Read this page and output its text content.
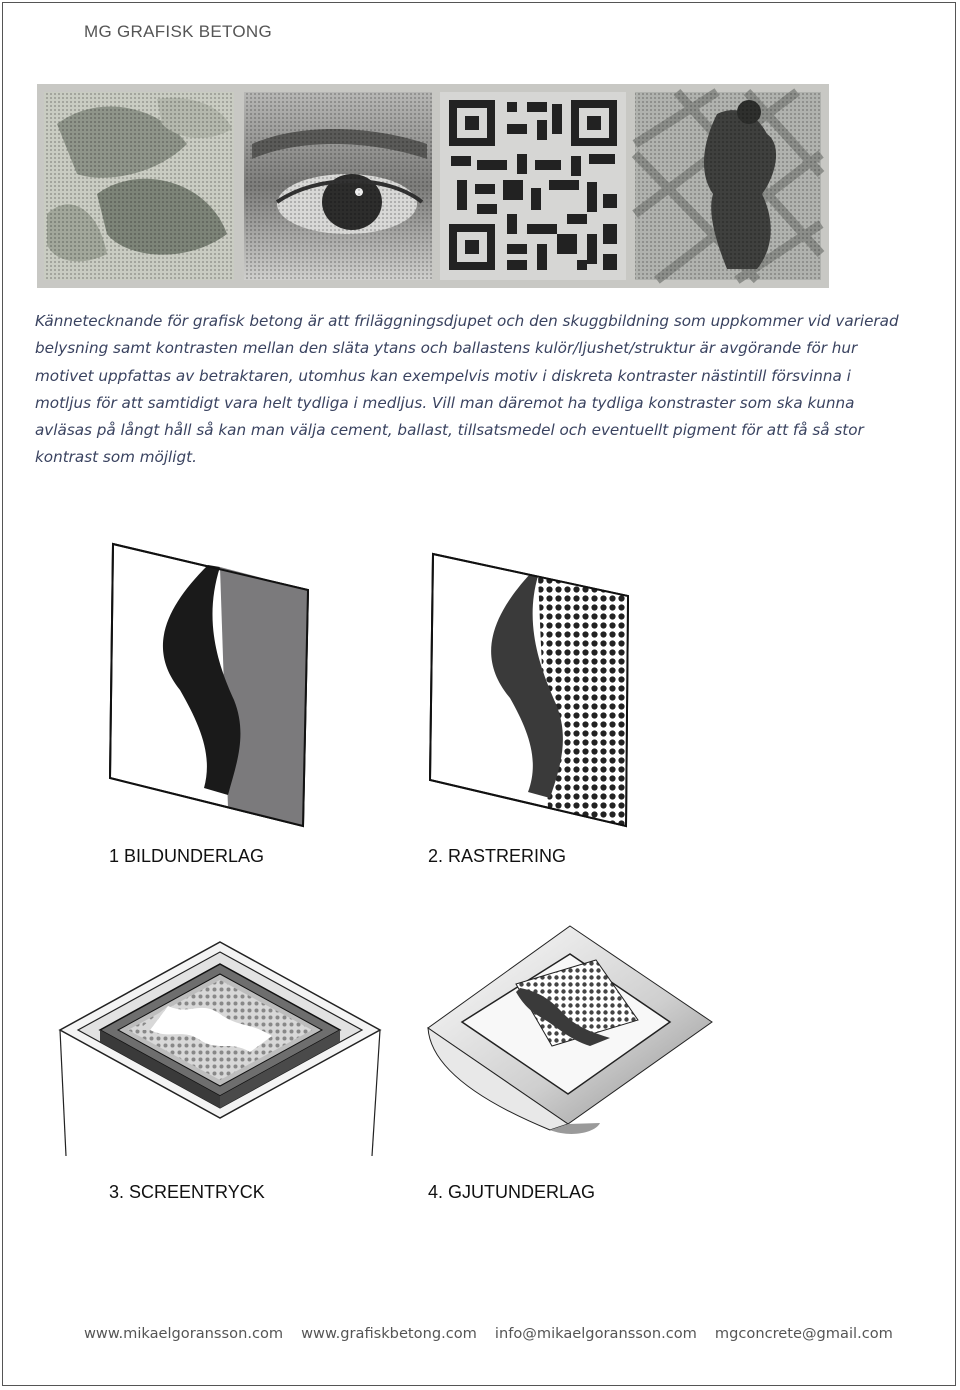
MG GRAFISK BETONG

Kännetecknande för grafisk betong är att friläggningsdjupet och den skuggbildning som uppkommer vid varierad belysning samt kontrasten mellan den släta ytans och ballastens kulör/ljushet/struktur är avgörande för hur motivet uppfattas av betraktaren, utomhus kan exempelvis motiv i diskreta kontraster nästintill försvinna i motljus för att samtidigt vara helt tydliga i medljus. Vill man däremot ha tydliga konstraster som ska kunna avläsas på långt håll så kan man välja cement, ballast, tillsatsmedel och eventuellt pigment för att få så stor kontrast som möjligt.

1 BILDUNDERLAG	2. RASTRERING
3. SCREENTRYCK	4. GJUTUNDERLAG
www.mikaelgoransson.com www.grafiskbetong.com info@mikaelgoransson.com mgconcrete@gmail.com
